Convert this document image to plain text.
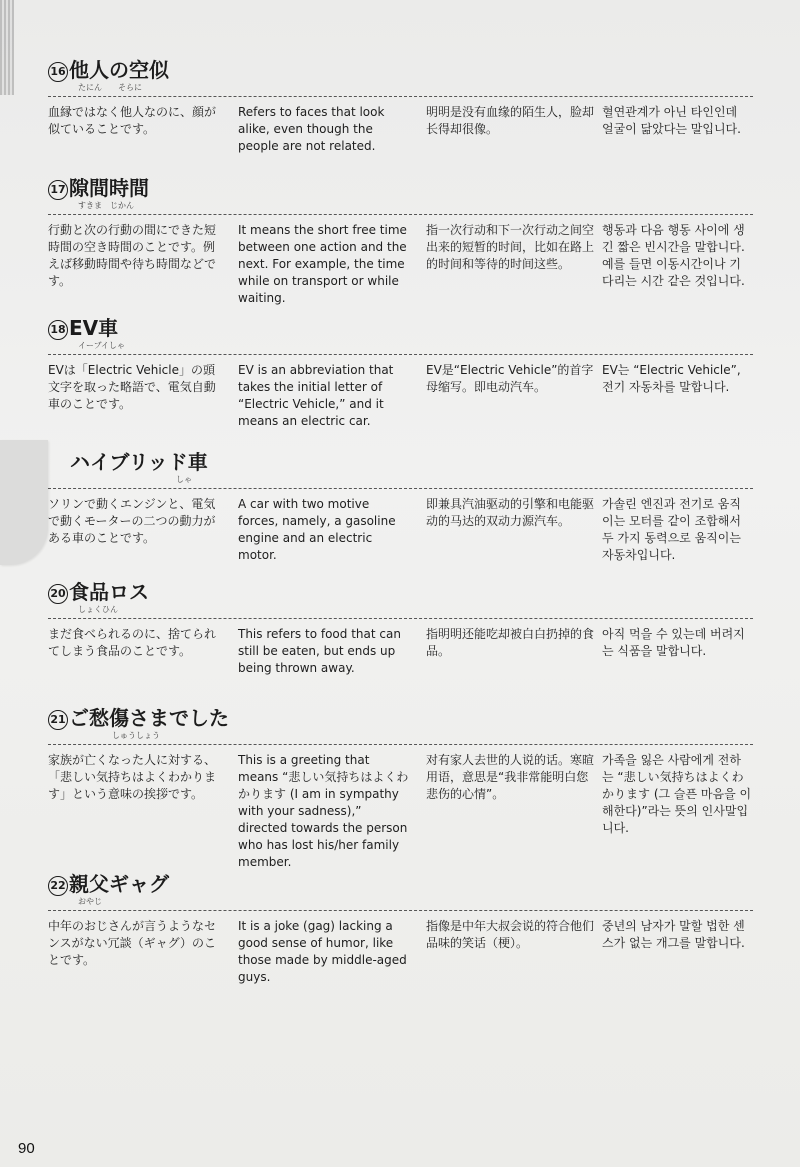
16 他人の空似
たにん　　そらに
血縁ではなく他人なのに、顔が似ていることです。
Refers to faces that look alike, even though the people are not related.
明明是没有血缘的陌生人，脸却长得却很像。
혈연관계가 아닌 타인인데 얼굴이 닮았다는 말입니다.
17 隙間時間
すきま　じかん
行動と次の行動の間にできた短時間の空き時間のことです。例えば移動時間や待ち時間などです。
It means the short free time between one action and the next. For example, the time while on transport or while waiting.
指一次行动和下一次行动之间空出来的短暂的时间，比如在路上的时间和等待的时间这些。
행동과 다음 행동 사이에 생긴 짧은 빈시간을 말합니다. 예를 들면 이동시간이나 기다리는 시간 같은 것입니다.
18 EV車
イーブイしゃ
EVは「Electric Vehicle」の頭文字を取った略語で、電気自動車のことです。
EV is an abbreviation that takes the initial letter of “Electric Vehicle,” and it means an electric car.
EV是“Electric Vehicle”的首字母缩写。即电动汽车。
EV는 “Electric Vehicle”, 전기 자동차를 말합니다.
ハイブリッド車
しゃ
ソリンで動くエンジンと、電気で動くモーターの二つの動力がある車のことです。
A car with two motive forces, namely, a gasoline engine and an electric motor.
即兼具汽油驱动的引擎和电能驱动的马达的双动力源汽车。
가솔린 엔진과 전기로 움직이는 모터를 같이 조합해서 두 가지 동력으로 움직이는 자동차입니다.
20 食品ロス
しょくひん
まだ食べられるのに、捨てられてしまう食品のことです。
This refers to food that can still be eaten, but ends up being thrown away.
指明明还能吃却被白白扔掉的食品。
아직 먹을 수 있는데 버려지는 식품을 말합니다.
21 ご愁傷さまでした
しゅうしょう
家族が亡くなった人に対する、「悲しい気持ちはよくわかります」という意味の挨拶です。
This is a greeting that means “悲しい気持ちはよくわかります (I am in sympathy with your sadness),” directed towards the person who has lost his/her family member.
对有家人去世的人说的话。寒暄用语，意思是“我非常能明白您悲伤的心情”。
가족을 잃은 사람에게 전하는 “悲しい気持ちはよくわかります (그 슬픈 마음을 이해한다)”라는 뜻의 인사말입니다.
22 親父ギャグ
おやじ
中年のおじさんが言うようなセンスがない冗談（ギャグ）のことです。
It is a joke (gag) lacking a good sense of humor, like those made by middle-aged guys.
指像是中年大叔会说的符合他们品味的笑话（梗）。
중년의 남자가 말할 법한 센스가 없는 개그를 말합니다.
90
